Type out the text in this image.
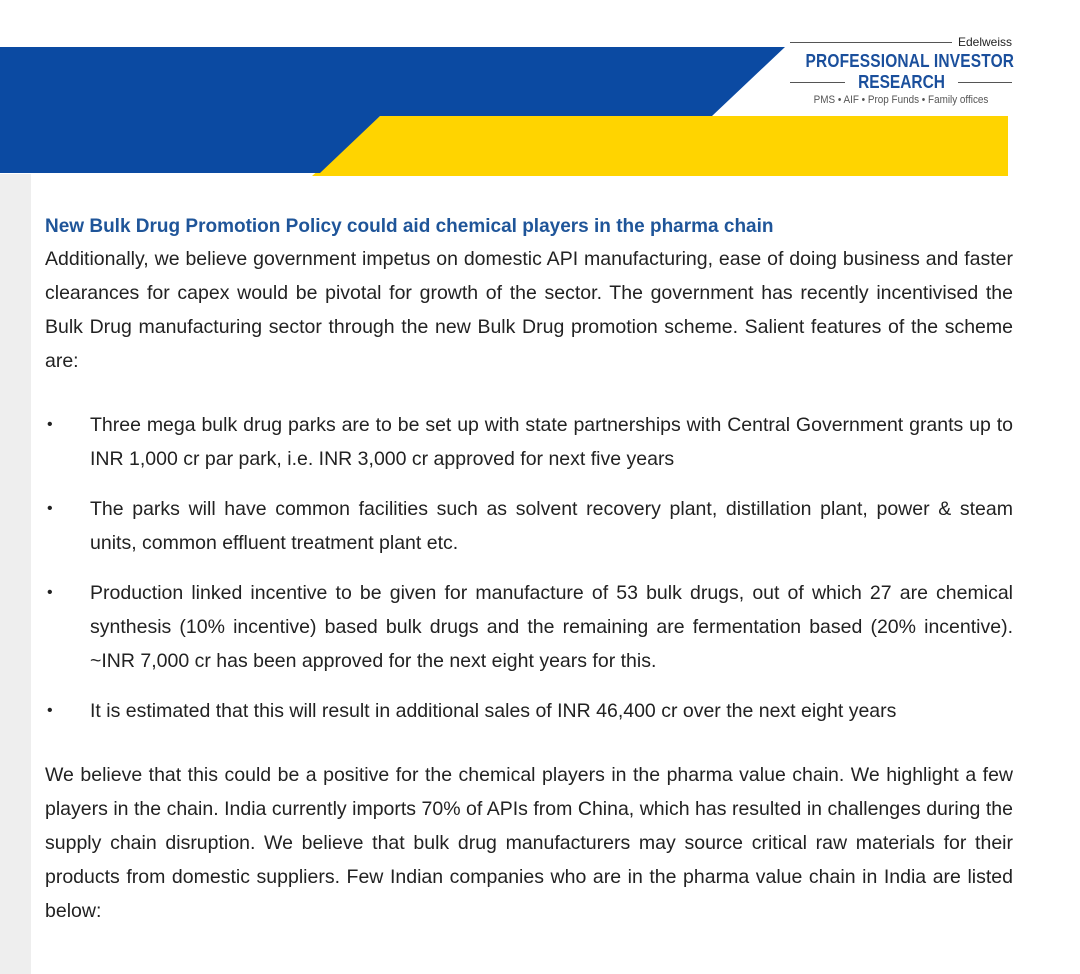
Edelweiss
PROFESSIONAL INVESTOR
RESEARCH
PMS • AIF • Prop Funds • Family offices
New Bulk Drug Promotion Policy could aid chemical players in the pharma chain

Additionally, we believe government impetus on domestic API manufacturing, ease of doing business and faster clearances for capex would be pivotal for growth of the sector. The government has recently incentivised the Bulk Drug manufacturing sector through the new Bulk Drug promotion scheme. Salient features of the scheme are:

• Three mega bulk drug parks are to be set up with state partnerships with Central Government grants up to INR 1,000 cr par park, i.e. INR 3,000 cr approved for next five years
• The parks will have common facilities such as solvent recovery plant, distillation plant, power & steam units, common effluent treatment plant etc.
• Production linked incentive to be given for manufacture of 53 bulk drugs, out of which 27 are chemical synthesis (10% incentive) based bulk drugs and the remaining are fermentation based (20% incentive). ~INR 7,000 cr has been approved for the next eight years for this.
• It is estimated that this will result in additional sales of INR 46,400 cr over the next eight years

We believe that this could be a positive for the chemical players in the pharma value chain. We highlight a few players in the chain. India currently imports 70% of APIs from China, which has resulted in challenges during the supply chain disruption. We believe that bulk drug manufacturers may source critical raw materials for their products from domestic suppliers. Few Indian companies who are in the pharma value chain in India are listed below:
